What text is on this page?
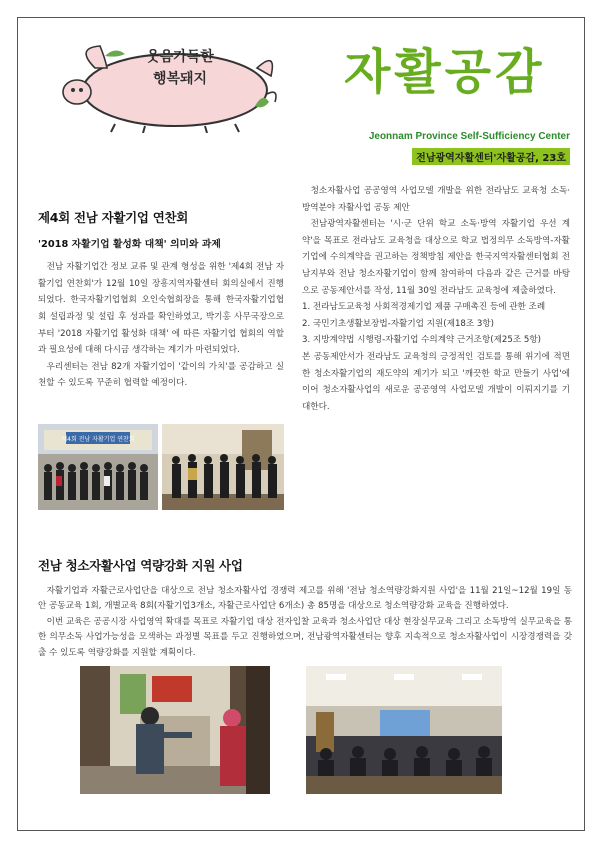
웃음가득한
행복돼지	자활공감
Jeonnam Province Self-Sufficiency Center
전남광역자활센터'자활공감, 23호

제4회 전남 자활기업 연찬회

'2018 자활기업 활성화 대책' 의미와 과제

전남 자활기업간 정보 교류 및 관계 형성을 위한 '제4회 전남 자활기업 연찬회'가 12월 10일 장흥지역자활센터 회의실에서 진행되었다. 한국자활기업협회 오인숙협회장을 통해 한국자활기업협회 설립과정 및 설립 후 성과를 확인하였고, 박기홍 사무국장으로부터 '2018 자활기업 활성화 대책' 에 따른 자활기업 협회의 역할과 필요성에 대해 다시금 생각하는 계기가 마련되었다.

우리센터는 전남 82개 자활기업이 '같이의 가치'를 공감하고 실천할 수 있도록 꾸준히 협력할 예정이다.

제4회 전남 자활기업 연찬회

청소자활사업 공공영역 사업모델 개발을 위한 전라남도 교육청 소독·방역분야 자활사업 공동 제안

전남광역자활센터는 '시·군 단위 학교 소독·방역 자활기업 우선 계약'을 목표로 전라남도 교육청을 대상으로 학교 법정의무 소독방역-자활기업에 수의계약을 권고하는 정책방침 제안을 한국지역자활센터협회 전남지부와 전남 청소자활기업이 함께 참여하여 다음과 같은 근거를 바탕으로 공동제안서를 작성, 11월 30일 전라남도 교육청에 제출하였다.

1. 전라남도교육청 사회적경제기업 제품 구매촉진 등에 관한 조례

2. 국민기초생활보장법-자활기업 지원(제18조 3항)

3. 지방계약법 시행령-자활기업 수의계약 근거조항(제25조 5항)

본 공동제안서가 전라남도 교육청의 긍정적인 검토를 통해 위기에 적면한 청소자활기업의 재도약의 계기가 되고 '깨끗한 학교 만들기 사업'에 이어 청소자활사업의 새로운 공공영역 사업모델 개발이 이뤄지기를 기대한다.

전남 청소자활사업 역량강화 지원 사업

자활기업과 자활근로사업단을 대상으로 전남 청소자활사업 경쟁력 제고를 위해 '전남 청소역량강화지원 사업'을 11월 21일~12월 19일 동안 공동교육 1회, 개별교육 8회(자활기업3개소, 자활근로사업단 6개소) 총 85명을 대상으로 청소역량강화 교육을 진행하였다.

이번 교육은 공공시장 사업영역 확대를 목표로 자활기업 대상 전자입찰 교육과 청소사업단 대상 현장실무교육 그리고 소독방역 실무교육을 통한 의무소독 사업가능성을 모색하는 과정별 목표를 두고 진행하였으며, 전남광역자활센터는 향후 지속적으로 청소자활사업이 시장경쟁력을 갖출 수 있도록 역량강화를 지원할 계획이다.
